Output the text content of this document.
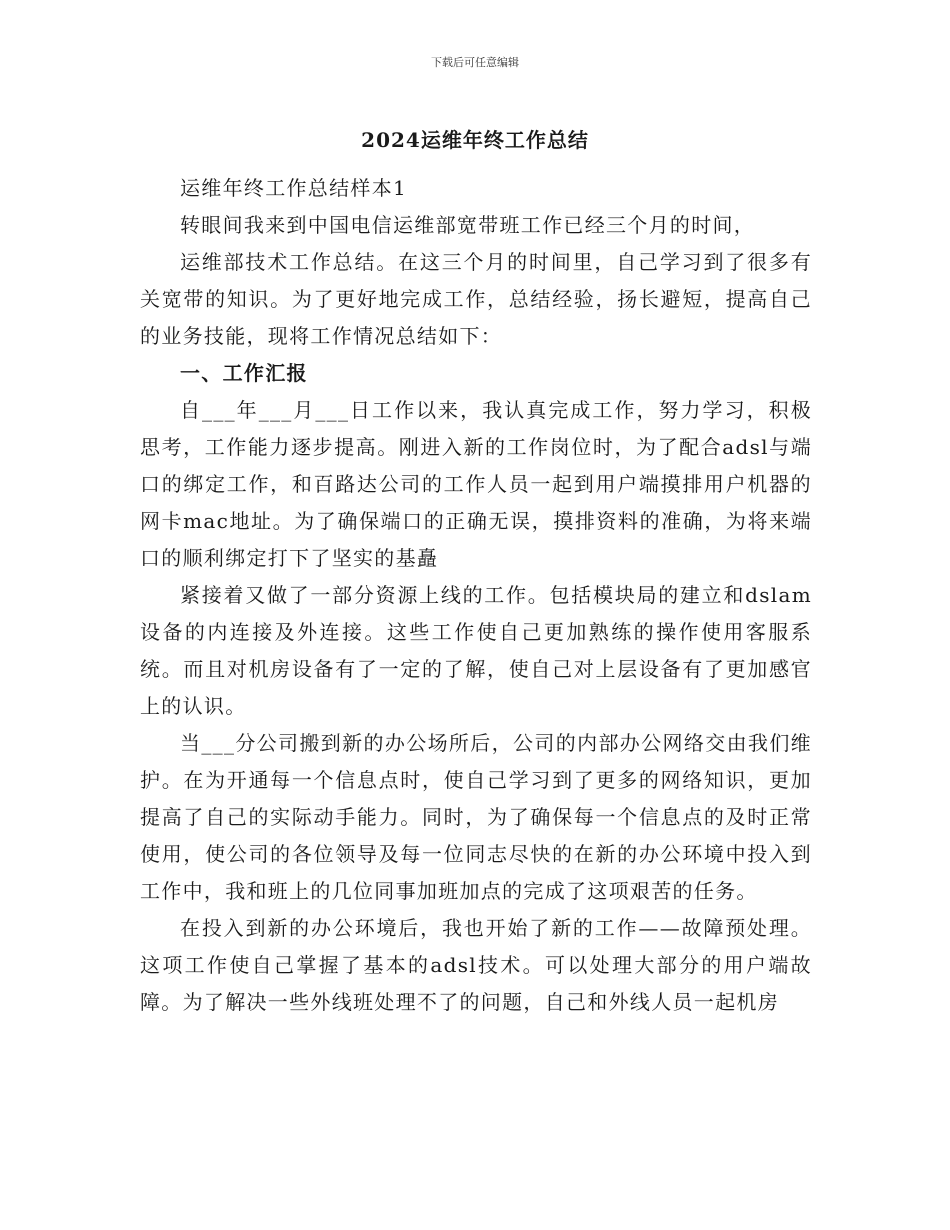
下载后可任意编辑
2024运维年终工作总结

运维年终工作总结样本1

转眼间我来到中国电信运维部宽带班工作已经三个月的时间，

运维部技术工作总结。在这三个月的时间里，自己学习到了很多有关宽带的知识。为了更好地完成工作，总结经验，扬长避短，提高自己的业务技能，现将工作情况总结如下：

一、工作汇报

自___年___月___日工作以来，我认真完成工作，努力学习，积极思考，工作能力逐步提高。刚进入新的工作岗位时，为了配合adsl与端口的绑定工作，和百路达公司的工作人员一起到用户端摸排用户机器的网卡mac地址。为了确保端口的正确无误，摸排资料的准确，为将来端口的顺利绑定打下了坚实的基矗

紧接着又做了一部分资源上线的工作。包括模块局的建立和dslam设备的内连接及外连接。这些工作使自己更加熟练的操作使用客服系统。而且对机房设备有了一定的了解，使自己对上层设备有了更加感官上的认识。

当___分公司搬到新的办公场所后，公司的内部办公网络交由我们维护。在为开通每一个信息点时，使自己学习到了更多的网络知识，更加提高了自己的实际动手能力。同时，为了确保每一个信息点的及时正常使用，使公司的各位领导及每一位同志尽快的在新的办公环境中投入到工作中，我和班上的几位同事加班加点的完成了这项艰苦的任务。

在投入到新的办公环境后，我也开始了新的工作——故障预处理。这项工作使自己掌握了基本的adsl技术。可以处理大部分的用户端故障。为了解决一些外线班处理不了的问题，自己和外线人员一起机房
